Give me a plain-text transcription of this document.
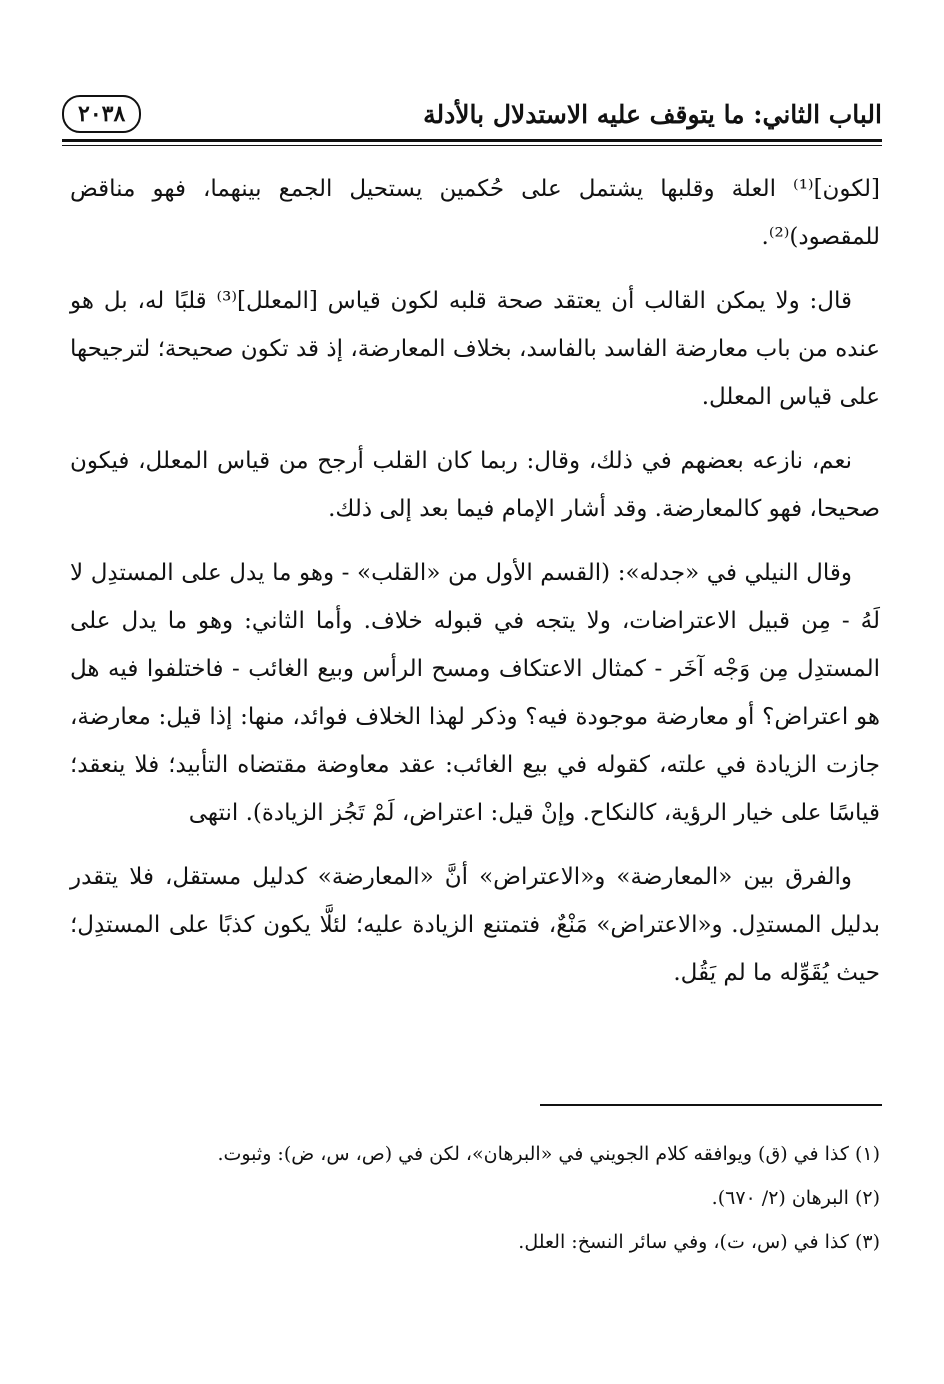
الباب الثاني: ما يتوقف عليه الاستدلال بالأدلة
٢٠٣٨

[لكون]⁽¹⁾ العلة وقلبها يشتمل على حُكمين يستحيل الجمع بينهما، فهو مناقض للمقصود)⁽²⁾.

قال: ولا يمكن القالب أن يعتقد صحة قلبه لكون قياس [المعلل]⁽³⁾ قلبًا له، بل هو عنده من باب معارضة الفاسد بالفاسد، بخلاف المعارضة، إذ قد تكون صحيحة؛ لترجيحها على قياس المعلل.

نعم، نازعه بعضهم في ذلك، وقال: ربما كان القلب أرجح من قياس المعلل، فيكون صحيحا، فهو كالمعارضة. وقد أشار الإمام فيما بعد إلى ذلك.

وقال النيلي في «جدله»: (القسم الأول من «القلب» - وهو ما يدل على المستدِل لا لَهُ - مِن قبيل الاعتراضات، ولا يتجه في قبوله خلاف. وأما الثاني: وهو ما يدل على المستدِل مِن وَجْه آخَر - كمثال الاعتكاف ومسح الرأس وبيع الغائب - فاختلفوا فيه هل هو اعتراض؟ أو معارضة موجودة فيه؟ وذكر لهذا الخلاف فوائد، منها: إذا قيل: معارضة، جازت الزيادة في علته، كقوله في بيع الغائب: عقد معاوضة مقتضاه التأبيد؛ فلا ينعقد؛ قياسًا على خيار الرؤية، كالنكاح. وإنْ قيل: اعتراض، لَمْ تَجُز الزيادة). انتهى

والفرق بين «المعارضة» و«الاعتراض» أنَّ «المعارضة» كدليل مستقل، فلا يتقدر بدليل المستدِل. و«الاعتراض» مَنْعٌ، فتمتنع الزيادة عليه؛ لئلَّا يكون كذبًا على المستدِل؛ حيث يُقَوِّله ما لم يَقُل.

(١) كذا في (ق) ويوافقه كلام الجويني في «البرهان»، لكن في (ص، س، ض): وثبوت.

(٢) البرهان (٢/ ٦٧٠).

(٣) كذا في (س، ت)، وفي سائر النسخ: العلل.
